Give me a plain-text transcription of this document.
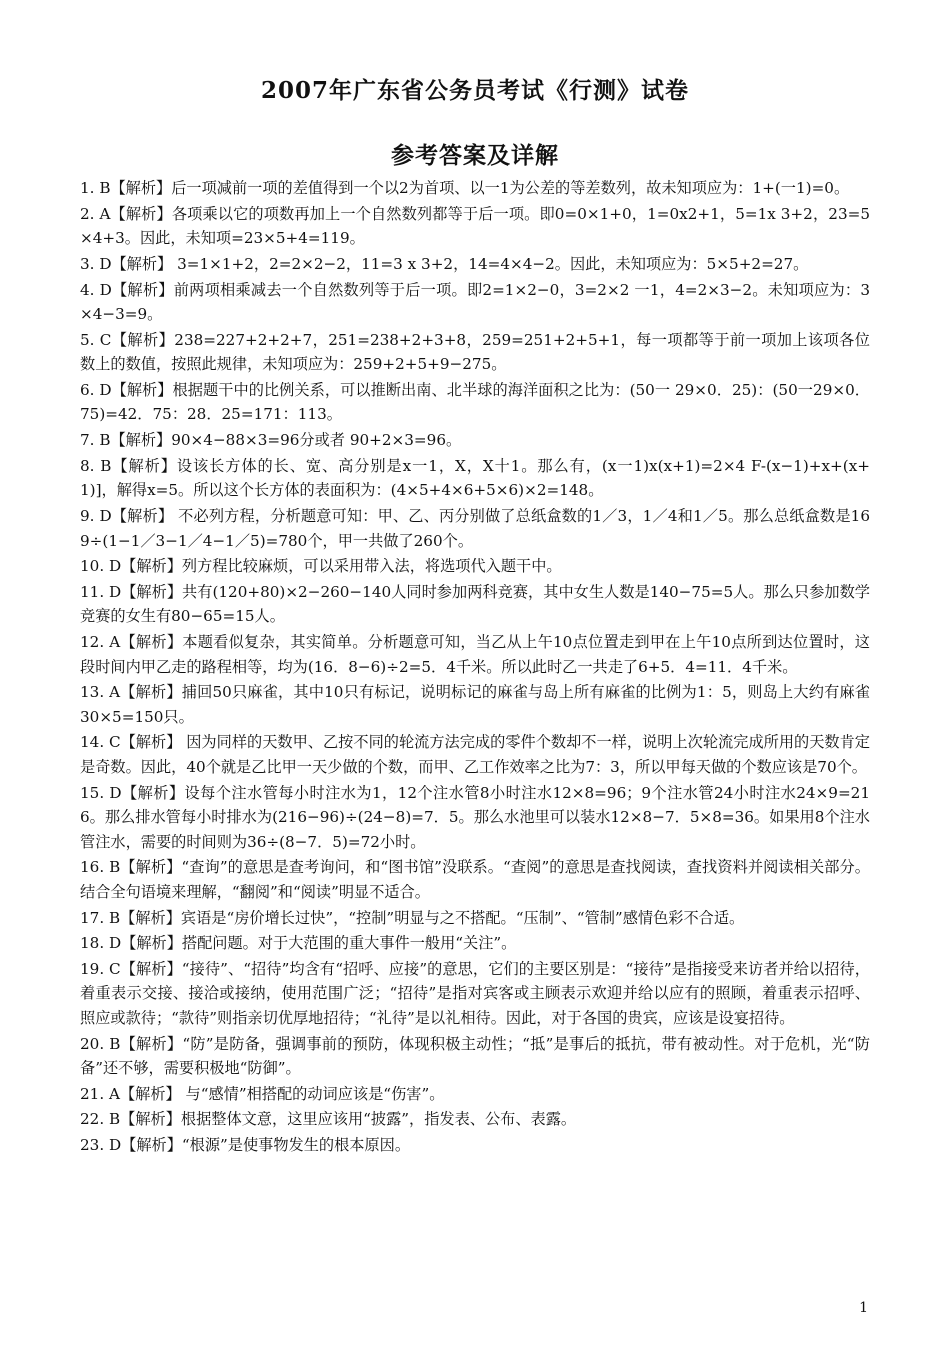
2007年广东省公务员考试《行测》试卷
参考答案及详解

1. B【解析】后一项减前一项的差值得到一个以2为首项、以一1为公差的等差数列，故未知项应为：1+(一1)=0。

2. A【解析】各项乘以它的项数再加上一个自然数列都等于后一项。即0=0×1+0，1=0x2+1，5=1x 3+2，23=5×4+3。因此，未知项=23×5+4=119。

3. D【解析】 3=1×1+2，2=2×2−2，11=3 x 3+2，14=4×4−2。因此，未知项应为：5×5+2=27。

4. D【解析】前两项相乘减去一个自然数列等于后一项。即2=1×2−0，3=2×2 一1，4=2×3−2。未知项应为：3×4−3=9。

5. C【解析】238=227+2+2+7，251=238+2+3+8，259=251+2+5+1，每一项都等于前一项加上该项各位数上的数值，按照此规律，未知项应为：259+2+5+9−275。

6. D【解析】根据题干中的比例关系，可以推断出南、北半球的海洋面积之比为：(50一 29×0．25)：(50一29×0．75)=42．75：28．25=171：113。

7. B【解析】90×4−88×3=96分或者 90+2×3=96。

8. B【解析】设该长方体的长、宽、高分别是x一1，X，X十1。那么有，(x一1)x(x+1)=2×4 F-(x−1)+x+(x+1)]，解得x=5。所以这个长方体的表面积为：(4×5+4×6+5×6)×2=148。

9. D【解析】 不必列方程，分析题意可知：甲、乙、丙分别做了总纸盒数的1／3，1／4和1／5。那么总纸盒数是169÷(1−1／3−1／4−1／5)=780个，甲一共做了260个。

10. D【解析】列方程比较麻烦，可以采用带入法，将选项代入题干中。

11. D【解析】共有(120+80)×2−260−140人同时参加两科竞赛，其中女生人数是140−75=5人。那么只参加数学竞赛的女生有80−65=15人。

12. A【解析】本题看似复杂，其实简单。分析题意可知，当乙从上午10点位置走到甲在上午10点所到达位置时，这段时间内甲乙走的路程相等，均为(16．8−6)÷2=5．4千米。所以此时乙一共走了6+5．4=11．4千米。

13. A【解析】捕回50只麻雀，其中10只有标记，说明标记的麻雀与岛上所有麻雀的比例为1：5，则岛上大约有麻雀30×5=150只。

14. C【解析】 因为同样的天数甲、乙按不同的轮流方法完成的零件个数却不一样，说明上次轮流完成所用的天数肯定是奇数。因此，40个就是乙比甲一天少做的个数，而甲、乙工作效率之比为7：3，所以甲每天做的个数应该是70个。

15. D【解析】设每个注水管每小时注水为1，12个注水管8小时注水12×8=96；9个注水管24小时注水24×9=216。那么排水管每小时排水为(216−96)÷(24−8)=7．5。那么水池里可以装水12×8−7．5×8=36。如果用8个注水管注水，需要的时间则为36÷(8−7．5)=72小时。

16. B【解析】“查询”的意思是查考询问，和“图书馆”没联系。“查阅”的意思是查找阅读，查找资料并阅读相关部分。结合全句语境来理解，“翻阅”和“阅读”明显不适合。

17. B【解析】宾语是“房价增长过快”，“控制”明显与之不搭配。“压制”、“管制”感情色彩不合适。

18. D【解析】搭配问题。对于大范围的重大事件一般用“关注”。

19. C【解析】“接待”、“招待”均含有“招呼、应接”的意思，它们的主要区别是：“接待”是指接受来访者并给以招待，着重表示交接、接洽或接纳，使用范围广泛；“招待”是指对宾客或主顾表示欢迎并给以应有的照顾，着重表示招呼、照应或款待；“款待”则指亲切优厚地招待；“礼待”是以礼相待。因此，对于各国的贵宾，应该是设宴招待。

20. B【解析】“防”是防备，强调事前的预防，体现积极主动性；“抵”是事后的抵抗，带有被动性。对于危机，光“防备”还不够，需要积极地“防御”。

21. A【解析】 与“感情”相搭配的动词应该是“伤害”。

22. B【解析】根据整体文意，这里应该用“披露”，指发表、公布、表露。

23. D【解析】“根源”是使事物发生的根本原因。

1
